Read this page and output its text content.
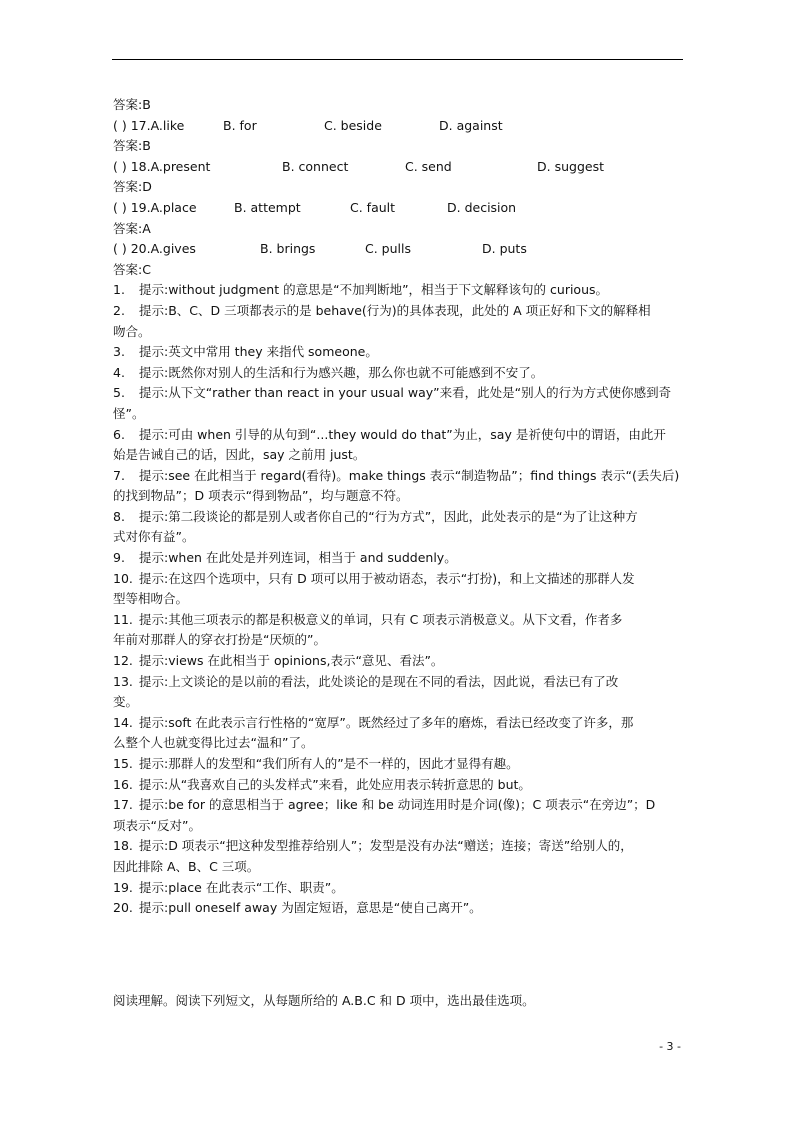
答案:B
( ) 17.A.like	B. for	C. beside	D. against
答案:B
( ) 18.A.present	B. connect	C. send	D. suggest
答案:D
( ) 19.A.place	B. attempt	C. fault	D. decision
答案:A
( ) 20.A.gives	B. brings	C. pulls	D. puts
答案:C
1. 提示:without judgment 的意思是“不加判断地”，相当于下文解释该句的 curious。
2. 提示:B、C、D 三项都表示的是 behave(行为)的具体表现，此处的 A 项正好和下文的解释相
吻合。
3. 提示:英文中常用 they 来指代 someone。
4. 提示:既然你对别人的生活和行为感兴趣，那么你也就不可能感到不安了。
5. 提示:从下文“rather than react in your usual way”来看，此处是“别人的行为方式使你感到奇
怪”。
6. 提示:可由 when 引导的从句到“...they would do that”为止，say 是祈使句中的谓语，由此开
始是告诫自己的话，因此，say 之前用 just。
7. 提示:see 在此相当于 regard(看待)。make things 表示“制造物品”；find things 表示“(丢失后)
的找到物品”；D 项表示“得到物品”，均与题意不符。
8. 提示:第二段谈论的都是别人或者你自己的“行为方式”，因此，此处表示的是“为了让这种方
式对你有益”。
9. 提示:when 在此处是并列连词，相当于 and suddenly。
10. 提示:在这四个选项中，只有 D 项可以用于被动语态，表示“打扮)，和上文描述的那群人发
型等相吻合。
11. 提示:其他三项表示的都是积极意义的单词，只有 C 项表示消极意义。从下文看，作者多
年前对那群人的穿衣打扮是“厌烦的”。
12. 提示:views 在此相当于 opinions,表示“意见、看法”。
13. 提示:上文谈论的是以前的看法，此处谈论的是现在不同的看法，因此说，看法已有了改
变。
14. 提示:soft 在此表示言行性格的“宽厚”。既然经过了多年的磨炼，看法已经改变了许多，那
么整个人也就变得比过去“温和”了。
15. 提示:那群人的发型和“我们所有人的”是不一样的，因此才显得有趣。
16. 提示:从“我喜欢自己的头发样式”来看，此处应用表示转折意思的 but。
17. 提示:be for 的意思相当于 agree；like 和 be 动词连用时是介词(像)；C 项表示“在旁边”；D
项表示“反对”。
18. 提示:D 项表示“把这种发型推荐给别人”；发型是没有办法“赠送；连接；寄送”给别人的，
因此排除 A、B、C 三项。
19. 提示:place 在此表示“工作、职责”。
20. 提示:pull oneself away 为固定短语，意思是“使自己离开”。
阅读理解。阅读下列短文，从每题所给的 A.B.C 和 D 项中，选出最佳选项。
- 3 -
